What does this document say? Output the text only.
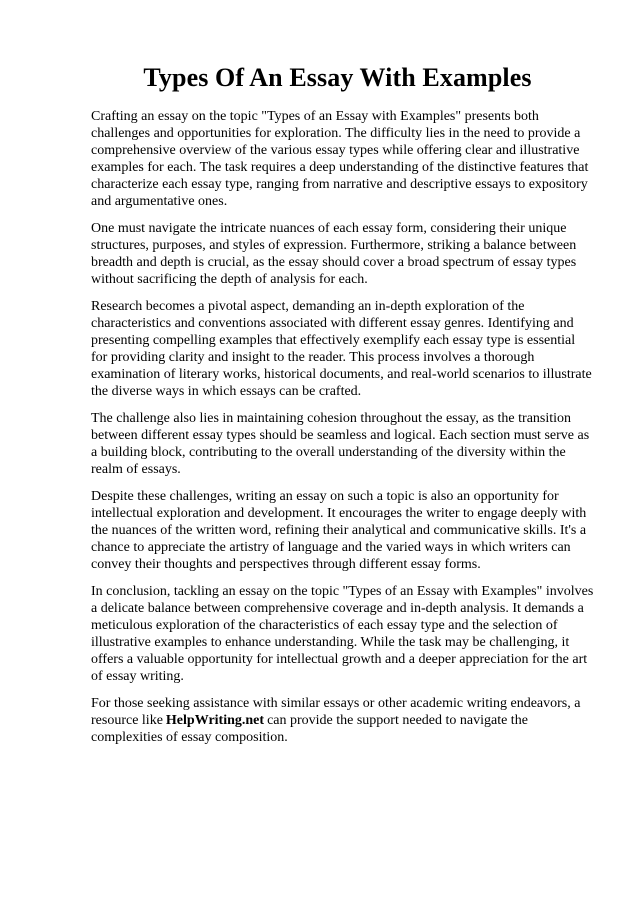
Types Of An Essay With Examples

Crafting an essay on the topic "Types of an Essay with Examples" presents both challenges and opportunities for exploration. The difficulty lies in the need to provide a comprehensive overview of the various essay types while offering clear and illustrative examples for each. The task requires a deep understanding of the distinctive features that characterize each essay type, ranging from narrative and descriptive essays to expository and argumentative ones.

One must navigate the intricate nuances of each essay form, considering their unique structures, purposes, and styles of expression. Furthermore, striking a balance between breadth and depth is crucial, as the essay should cover a broad spectrum of essay types without sacrificing the depth of analysis for each.

Research becomes a pivotal aspect, demanding an in-depth exploration of the characteristics and conventions associated with different essay genres. Identifying and presenting compelling examples that effectively exemplify each essay type is essential for providing clarity and insight to the reader. This process involves a thorough examination of literary works, historical documents, and real-world scenarios to illustrate the diverse ways in which essays can be crafted.

The challenge also lies in maintaining cohesion throughout the essay, as the transition between different essay types should be seamless and logical. Each section must serve as a building block, contributing to the overall understanding of the diversity within the realm of essays.

Despite these challenges, writing an essay on such a topic is also an opportunity for intellectual exploration and development. It encourages the writer to engage deeply with the nuances of the written word, refining their analytical and communicative skills. It's a chance to appreciate the artistry of language and the varied ways in which writers can convey their thoughts and perspectives through different essay forms.

In conclusion, tackling an essay on the topic "Types of an Essay with Examples" involves a delicate balance between comprehensive coverage and in-depth analysis. It demands a meticulous exploration of the characteristics of each essay type and the selection of illustrative examples to enhance understanding. While the task may be challenging, it offers a valuable opportunity for intellectual growth and a deeper appreciation for the art of essay writing.

For those seeking assistance with similar essays or other academic writing endeavors, a resource like HelpWriting.net can provide the support needed to navigate the complexities of essay composition.
